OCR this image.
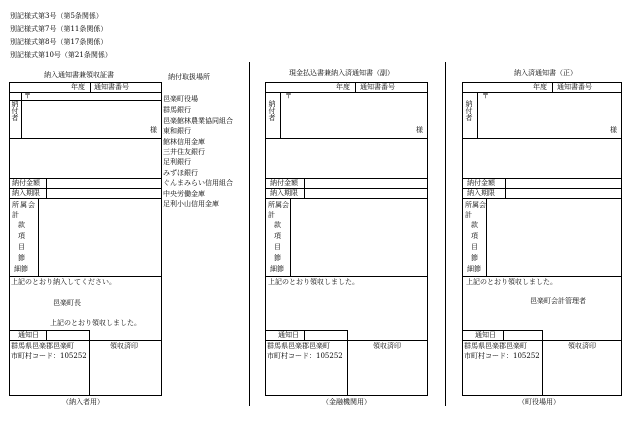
別記様式第3号（第5条関係）
別記様式第7号（第11条関係）
別記様式第8号（第17条関係）
別記様式第10号（第21条関係）
納入通知書兼領収証書
年度 通知書番号
納付者
〒
様
納付金額
納入期限
所属会計
款
項
目
節
細節
上記のとおり納入してください。
邑楽町長
上記のとおり領収しました。
通知日
群馬県邑楽郡邑楽町	領収済印
市町村コード：105252
（納入者用）
納付取扱場所
邑楽町役場
群馬銀行
邑楽館林農業協同組合
東和銀行
館林信用金庫
三井住友銀行
足利銀行
みずほ銀行
ぐんまみらい信用組合
中央労働金庫
足利小山信用金庫
現金払込書兼納入済通知書（副）
年度 通知書番号
納付者
〒
様
納付金額
納入期限
所属会計
款
項
目
節
細節
上記のとおり領収しました。
通知日
群馬県邑楽郡邑楽町	領収済印
市町村コード：105252
（金融機関用）
納入済通知書（正）
年度 通知書番号
納付者
〒
様
納付金額
納入期限
所属会計
款
項
目
節
細節
上記のとおり領収しました。
邑楽町会計管理者
通知日
群馬県邑楽郡邑楽町	領収済印
市町村コード：105252
（町役場用）
